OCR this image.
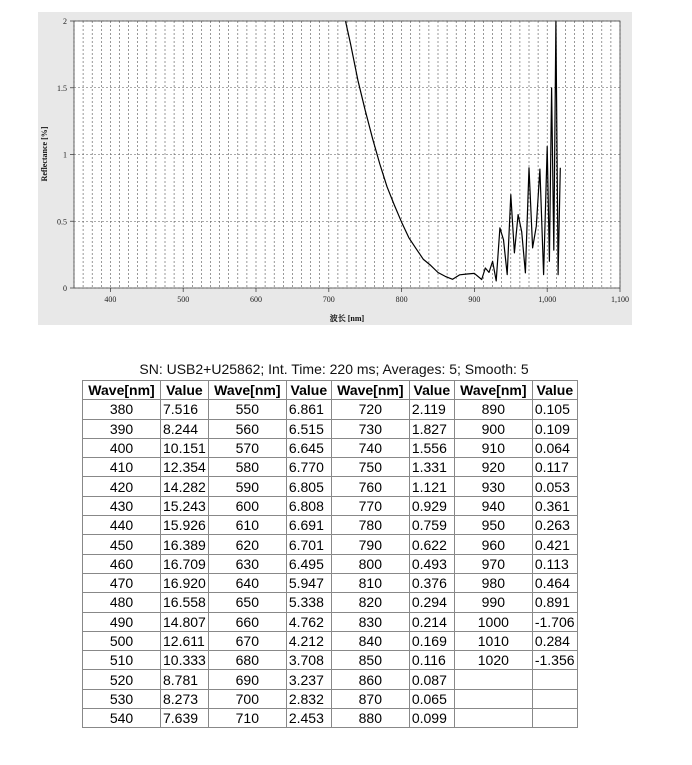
400	500	600	700	800	900	1,000	1,100
0
0.5
1
1.5
2
波长 [nm]
Reflectance [%]
SN: USB2+U25862; Int. Time: 220 ms; Averages: 5; Smooth: 5
Wave[nm]	Value	Wave[nm]	Value	Wave[nm]	Value	Wave[nm]	Value
380	7.516	550	6.861	720	2.119	890	0.105
390	8.244	560	6.515	730	1.827	900	0.109
400	10.151	570	6.645	740	1.556	910	0.064
410	12.354	580	6.770	750	1.331	920	0.117
420	14.282	590	6.805	760	1.121	930	0.053
430	15.243	600	6.808	770	0.929	940	0.361
440	15.926	610	6.691	780	0.759	950	0.263
450	16.389	620	6.701	790	0.622	960	0.421
460	16.709	630	6.495	800	0.493	970	0.113
470	16.920	640	5.947	810	0.376	980	0.464
480	16.558	650	5.338	820	0.294	990	0.891
490	14.807	660	4.762	830	0.214	1000	-1.706
500	12.611	670	4.212	840	0.169	1010	0.284
510	10.333	680	3.708	850	0.116	1020	-1.356
520	8.781	690	3.237	860	0.087		
530	8.273	700	2.832	870	0.065		
540	7.639	710	2.453	880	0.099		
